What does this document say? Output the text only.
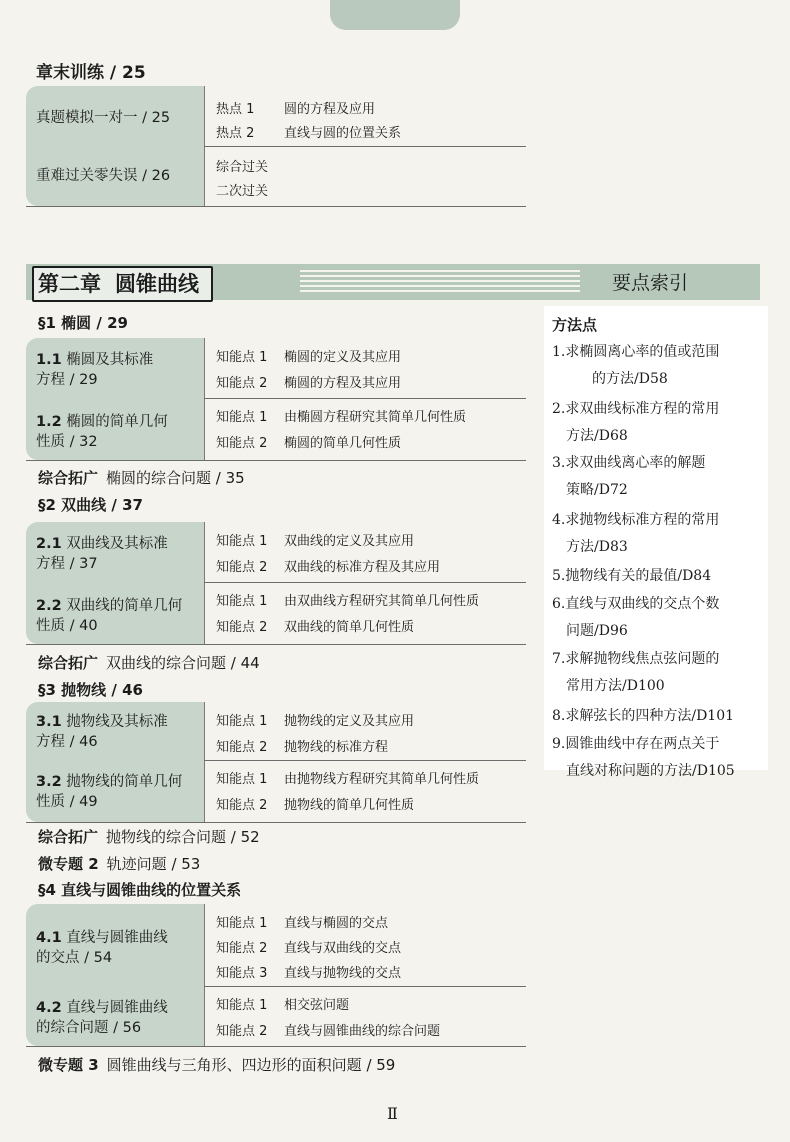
章末训练 / 25
真题模拟一对一 / 25
热点 1 圆的方程及应用
热点 2 直线与圆的位置关系
重难过关零失误 / 26
综合过关
二次过关
第二章 圆锥曲线	要点索引
§1 椭圆 / 29
1.1 椭圆及其标准
方程 / 29
知能点 1 椭圆的定义及其应用
知能点 2 椭圆的方程及其应用
1.2 椭圆的简单几何
性质 / 32
知能点 1 由椭圆方程研究其简单几何性质
知能点 2 椭圆的简单几何性质
综合拓广 椭圆的综合问题 / 35
§2 双曲线 / 37
2.1 双曲线及其标准
方程 / 37
知能点 1 双曲线的定义及其应用
知能点 2 双曲线的标准方程及其应用
2.2 双曲线的简单几何
性质 / 40
知能点 1 由双曲线方程研究其简单几何性质
知能点 2 双曲线的简单几何性质
综合拓广 双曲线的综合问题 / 44
§3 抛物线 / 46
3.1 抛物线及其标准
方程 / 46
知能点 1 抛物线的定义及其应用
知能点 2 抛物线的标准方程
3.2 抛物线的简单几何
性质 / 49
知能点 1 由抛物线方程研究其简单几何性质
知能点 2 抛物线的简单几何性质
综合拓广 抛物线的综合问题 / 52
微专题 2 轨迹问题 / 53
§4 直线与圆锥曲线的位置关系
4.1 直线与圆锥曲线
的交点 / 54
知能点 1 直线与椭圆的交点
知能点 2 直线与双曲线的交点
知能点 3 直线与抛物线的交点
4.2 直线与圆锥曲线
的综合问题 / 56
知能点 1 相交弦问题
知能点 2 直线与圆锥曲线的综合问题
微专题 3 圆锥曲线与三角形、四边形的面积问题 / 59
方法点
1.求椭圆离心率的值或范围
的方法/D58
2.求双曲线标准方程的常用
方法/D68
3.求双曲线离心率的解题
策略/D72
4.求抛物线标准方程的常用
方法/D83
5.抛物线有关的最值/D84
6.直线与双曲线的交点个数
问题/D96
7.求解抛物线焦点弦问题的
常用方法/D100
8.求解弦长的四种方法/D101
9.圆锥曲线中存在两点关于
直线对称问题的方法/D105
Ⅱ
